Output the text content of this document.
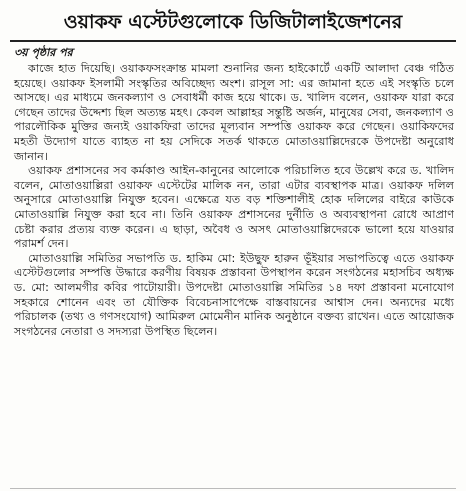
ওয়াকফ এস্টেটগুলোকে ডিজিটালাইজেশনের
৩য় পৃষ্ঠার পর

কাজে হাত দিয়েছি। ওয়াকফসংক্রান্ত মামলা শুনানির জন্য হাইকোর্টে একটি আলাদা বেঞ্চ গঠিত হয়েছে। ওয়াকফ ইসলামী সংস্কৃতির অবিচ্ছেদ্য অংশ। রাসূল সা: এর জামানা হতে এই সংস্কৃতি চলে আসছে। এর মাধ্যমে জনকল্যাণ ও সেবাধর্মী কাজ হয়ে থাকে। ড. খালিদ বলেন, ওয়াকফ যারা করে গেছেন তাদের উদ্দেশ্য ছিল অত্যন্ত মহৎ। কেবল আল্লাহর সন্তুষ্টি অর্জন, মানুষের সেবা, জনকল্যাণ ও পারলৌকিক মুক্তির জন্যই ওয়াকফিরা তাদের মূল্যবান সম্পত্তি ওয়াকফ করে গেছেন। ওয়াকিফদের মহতী উদ্যোগ যাতে ব্যাহত না হয় সেদিকে সতর্ক থাকতে মোতাওয়াল্লিদেরকে উপদেষ্টা অনুরোধ জানান।

ওয়াকফ প্রশাসনের সব কর্মকাণ্ড আইন-কানুনের আলোকে পরিচালিত হবে উল্লেখ করে ড. খালিদ বলেন, মোতাওয়াল্লিরা ওয়াকফ এস্টেটের মালিক নন, তারা এটার ব্যবস্থাপক মাত্র। ওয়াকফ দলিল অনুসারে মোতাওয়াল্লি নিযুক্ত হবেন। এক্ষেত্রে যত বড় শক্তিশালীই হোক দলিলের বাইরে কাউকে মোতাওয়াল্লি নিযুক্ত করা হবে না। তিনি ওয়াকফ প্রশাসনের দুর্নীতি ও অব্যবস্থাপনা রোধে আপ্রাণ চেষ্টা করার প্রত্যয় ব্যক্ত করেন। এ ছাড়া, অবৈধ ও অসৎ মোতাওয়াল্লিদেরকে ভালো হয়ে যাওয়ার পরামর্শ দেন।

মোতাওয়াল্লি সমিতির সভাপতি ড. হাকিম মো: ইউছুফ হারুন ভূঁইয়ার সভাপতিত্বে এতে ওয়াকফ এস্টেটগুলোর সম্পত্তি উদ্ধারে করণীয় বিষয়ক প্রস্তাবনা উপস্থাপন করেন সংগঠনের মহাসচিব অধ্যক্ষ ড. মো: আলমগীর কবির পাটোয়ারী। উপদেষ্টা মোতাওয়াল্লি সমিতির ১৪ দফা প্রস্তাবনা মনোযোগ সহকারে শোনেন এবং তা যৌক্তিক বিবেচনাসাপেক্ষে বাস্তবায়নের আশ্বাস দেন। অন্যদের মধ্যে পরিচালক (তথ্য ও গণসংযোগ) আমিরুল মোমেনীন মানিক অনুষ্ঠানে বক্তব্য রাখেন। এতে আয়োজক সংগঠনের নেতারা ও সদস্যরা উপস্থিত ছিলেন।
